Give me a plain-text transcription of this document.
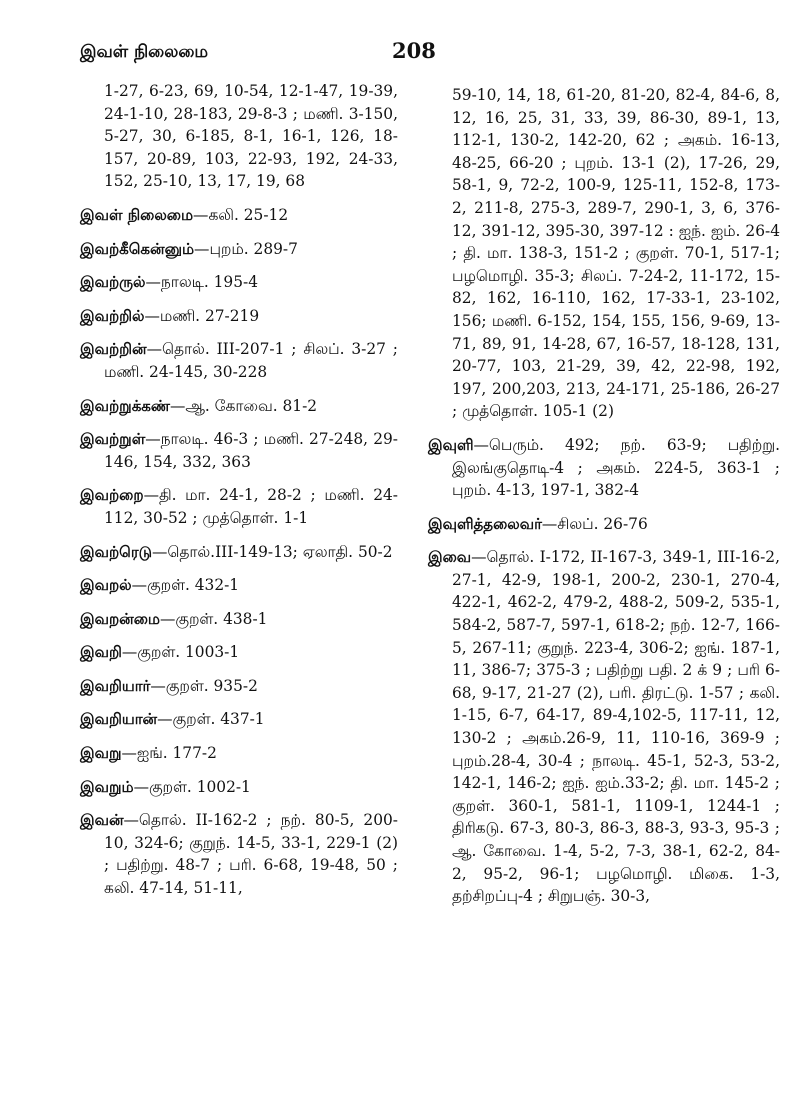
இவள் நிலைமை	208

1-27, 6-23, 69, 10-54, 12-1-47, 19-39, 24-1-10, 28-183, 29-8-3 ; மணி. 3-150, 5-27, 30, 6-185, 8-1, 16-1, 126, 18-157, 20-89, 103, 22-93, 192, 24-33, 152, 25-10, 13, 17, 19, 68

இவள் நிலைமை—கலி. 25-12

இவற்கீகென்னும்—புறம். 289-7

இவற்ருல்—நாலடி. 195-4

இவற்றில்—மணி. 27-219

இவற்றின்—தொல். III-207-1 ; சிலப். 3-27 ; மணி. 24-145, 30-228

இவற்றுக்கண்—ஆ. கோவை. 81-2

இவற்றுள்—நாலடி. 46-3 ; மணி. 27-248, 29-146, 154, 332, 363

இவற்றை—தி. மா. 24-1, 28-2 ; மணி. 24-112, 30-52 ; முத்தொள். 1-1

இவற்ரெடு—தொல்.III-149-13; ஏலாதி. 50-2

இவறல்—குறள். 432-1

இவறன்மை—குறள். 438-1

இவறி—குறள். 1003-1

இவறியார்—குறள். 935-2

இவறியான்—குறள். 437-1

இவறு—ஐங். 177-2

இவறும்—குறள். 1002-1

இவன்—தொல். II-162-2 ; நற். 80-5, 200-10, 324-6; குறுந். 14-5, 33-1, 229-1 (2) ; பதிற்று. 48-7 ; பரி. 6-68, 19-48, 50 ; கலி. 47-14, 51-11,

59-10, 14, 18, 61-20, 81-20, 82-4, 84-6, 8, 12, 16, 25, 31, 33, 39, 86-30, 89-1, 13, 112-1, 130-2, 142-20, 62 ; அகம். 16-13, 48-25, 66-20 ; புறம். 13-1 (2), 17-26, 29, 58-1, 9, 72-2, 100-9, 125-11, 152-8, 173-2, 211-8, 275-3, 289-7, 290-1, 3, 6, 376-12, 391-12, 395-30, 397-12 : ஐந். ஐம். 26-4 ; தி. மா. 138-3, 151-2 ; குறள். 70-1, 517-1; பழமொழி. 35-3; சிலப். 7-24-2, 11-172, 15-82, 162, 16-110, 162, 17-33-1, 23-102, 156; மணி. 6-152, 154, 155, 156, 9-69, 13-71, 89, 91, 14-28, 67, 16-57, 18-128, 131, 20-77, 103, 21-29, 39, 42, 22-98, 192, 197, 200,203, 213, 24-171, 25-186, 26-27 ; முத்தொள். 105-1 (2)

இவுளி—பெரும். 492; நற். 63-9; பதிற்று. இலங்குதொடி-4 ; அகம். 224-5, 363-1 ; புறம். 4-13, 197-1, 382-4

இவுளித்தலைவர்—சிலப். 26-76

இவை—தொல். I-172, II-167-3, 349-1, III-16-2, 27-1, 42-9, 198-1, 200-2, 230-1, 270-4, 422-1, 462-2, 479-2, 488-2, 509-2, 535-1, 584-2, 587-7, 597-1, 618-2; நற். 12-7, 166-5, 267-11; குறுந். 223-4, 306-2; ஐங். 187-1, 11, 386-7; 375-3 ; பதிற்று பதி. 2 க் 9 ; பரி 6-68, 9-17, 21-27 (2), பரி. திரட்டு. 1-57 ; கலி. 1-15, 6-7, 64-17, 89-4,102-5, 117-11, 12, 130-2 ; அகம்.26-9, 11, 110-16, 369-9 ; புறம்.28-4, 30-4 ; நாலடி. 45-1, 52-3, 53-2, 142-1, 146-2; ஐந். ஐம்.33-2; தி. மா. 145-2 ; குறள். 360-1, 581-1, 1109-1, 1244-1 ; திரிகடு. 67-3, 80-3, 86-3, 88-3, 93-3, 95-3 ; ஆ. கோவை. 1-4, 5-2, 7-3, 38-1, 62-2, 84-2, 95-2, 96-1; பழமொழி. மிகை. 1-3, தற்சிறப்பு-4 ; சிறுபஞ். 30-3,
